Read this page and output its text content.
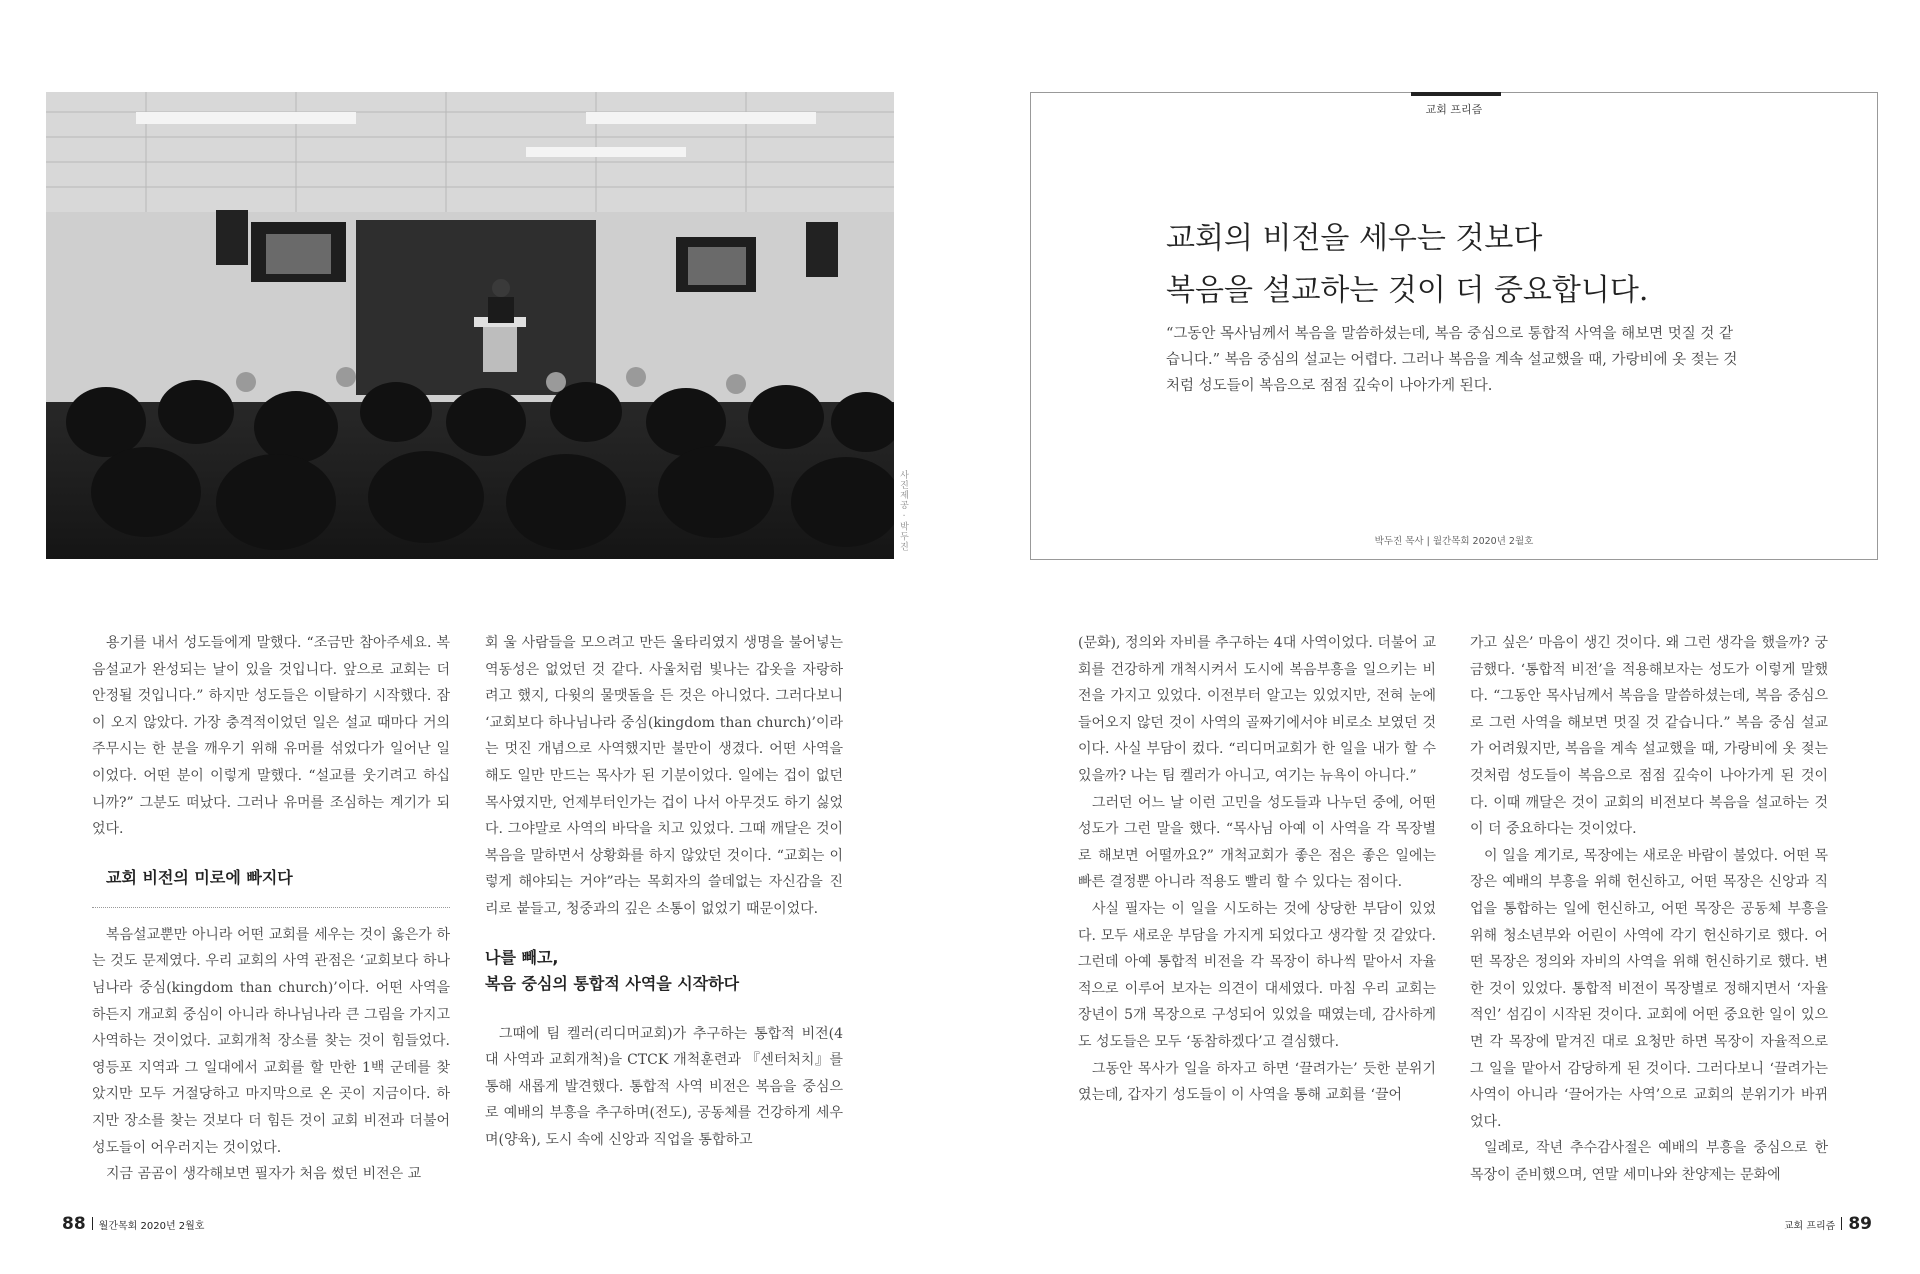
사진제공 · 박두진
교회 프리즘
교회의 비전을 세우는 것보다
복음을 설교하는 것이 더 중요합니다.
“그동안 목사님께서 복음을 말씀하셨는데, 복음 중심으로 통합적 사역을 해보면 멋질 것 같습니다.” 복음 중심의 설교는 어렵다. 그러나 복음을 계속 설교했을 때, 가랑비에 옷 젖는 것처럼 성도들이 복음으로 점점 깊숙이 나아가게 된다.
박두진 목사 | 월간목회 2020년 2월호

용기를 내서 성도들에게 말했다. “조금만 참아주세요. 복음설교가 완성되는 날이 있을 것입니다. 앞으로 교회는 더 안정될 것입니다.” 하지만 성도들은 이탈하기 시작했다. 잠이 오지 않았다. 가장 충격적이었던 일은 설교 때마다 거의 주무시는 한 분을 깨우기 위해 유머를 섞었다가 일어난 일이었다. 어떤 분이 이렇게 말했다. “설교를 웃기려고 하십니까?” 그분도 떠났다. 그러나 유머를 조심하는 계기가 되었다.

교회 비전의 미로에 빠지다

복음설교뿐만 아니라 어떤 교회를 세우는 것이 옳은가 하는 것도 문제였다. 우리 교회의 사역 관점은 ‘교회보다 하나님나라 중심(kingdom than church)’이다. 어떤 사역을 하든지 개교회 중심이 아니라 하나님나라 큰 그림을 가지고 사역하는 것이었다. 교회개척 장소를 찾는 것이 힘들었다. 영등포 지역과 그 일대에서 교회를 할 만한 1백 군데를 찾았지만 모두 거절당하고 마지막으로 온 곳이 지금이다. 하지만 장소를 찾는 것보다 더 힘든 것이 교회 비전과 더불어 성도들이 어우러지는 것이었다.

지금 곰곰이 생각해보면 필자가 처음 썼던 비전은 교

회 울 사람들을 모으려고 만든 울타리였지 생명을 불어넣는 역동성은 없었던 것 같다. 사울처럼 빛나는 갑옷을 자랑하려고 했지, 다윗의 물맷돌을 든 것은 아니었다. 그러다보니 ‘교회보다 하나님나라 중심(kingdom than church)’이라는 멋진 개념으로 사역했지만 불만이 생겼다. 어떤 사역을 해도 일만 만드는 목사가 된 기분이었다. 일에는 겁이 없던 목사였지만, 언제부터인가는 겁이 나서 아무것도 하기 싫었다. 그야말로 사역의 바닥을 치고 있었다. 그때 깨달은 것이 복음을 말하면서 상황화를 하지 않았던 것이다. “교회는 이렇게 해야되는 거야”라는 목회자의 쓸데없는 자신감을 진리로 붙들고, 청중과의 깊은 소통이 없었기 때문이었다.

나를 빼고,
복음 중심의 통합적 사역을 시작하다

그때에 팀 켈러(리디머교회)가 추구하는 통합적 비전(4대 사역과 교회개척)을 CTCK 개척훈련과 『센터처치』를 통해 새롭게 발견했다. 통합적 사역 비전은 복음을 중심으로 예배의 부흥을 추구하며(전도), 공동체를 건강하게 세우며(양육), 도시 속에 신앙과 직업을 통합하고

(문화), 정의와 자비를 추구하는 4대 사역이었다. 더불어 교회를 건강하게 개척시켜서 도시에 복음부흥을 일으키는 비전을 가지고 있었다. 이전부터 알고는 있었지만, 전혀 눈에 들어오지 않던 것이 사역의 골짜기에서야 비로소 보였던 것이다. 사실 부담이 컸다. “리디머교회가 한 일을 내가 할 수 있을까? 나는 팀 켈러가 아니고, 여기는 뉴욕이 아니다.”

그러던 어느 날 이런 고민을 성도들과 나누던 중에, 어떤 성도가 그런 말을 했다. “목사님 아예 이 사역을 각 목장별로 해보면 어떨까요?” 개척교회가 좋은 점은 좋은 일에는 빠른 결정뿐 아니라 적용도 빨리 할 수 있다는 점이다.

사실 필자는 이 일을 시도하는 것에 상당한 부담이 있었다. 모두 새로운 부담을 가지게 되었다고 생각할 것 같았다. 그런데 아예 통합적 비전을 각 목장이 하나씩 맡아서 자율적으로 이루어 보자는 의견이 대세였다. 마침 우리 교회는 장년이 5개 목장으로 구성되어 있었을 때였는데, 감사하게도 성도들은 모두 ‘동참하겠다’고 결심했다.

그동안 목사가 일을 하자고 하면 ‘끌려가는’ 듯한 분위기였는데, 갑자기 성도들이 이 사역을 통해 교회를 ‘끌어

가고 싶은’ 마음이 생긴 것이다. 왜 그런 생각을 했을까? 궁금했다. ‘통합적 비전’을 적용해보자는 성도가 이렇게 말했다. “그동안 목사님께서 복음을 말씀하셨는데, 복음 중심으로 그런 사역을 해보면 멋질 것 같습니다.” 복음 중심 설교가 어려웠지만, 복음을 계속 설교했을 때, 가랑비에 옷 젖는 것처럼 성도들이 복음으로 점점 깊숙이 나아가게 된 것이다. 이때 깨달은 것이 교회의 비전보다 복음을 설교하는 것이 더 중요하다는 것이었다.

이 일을 계기로, 목장에는 새로운 바람이 불었다. 어떤 목장은 예배의 부흥을 위해 헌신하고, 어떤 목장은 신앙과 직업을 통합하는 일에 헌신하고, 어떤 목장은 공동체 부흥을 위해 청소년부와 어린이 사역에 각기 헌신하기로 했다. 어떤 목장은 정의와 자비의 사역을 위해 헌신하기로 했다. 변한 것이 있었다. 통합적 비전이 목장별로 정해지면서 ‘자율적인’ 섬김이 시작된 것이다. 교회에 어떤 중요한 일이 있으면 각 목장에 맡겨진 대로 요청만 하면 목장이 자율적으로 그 일을 맡아서 감당하게 된 것이다. 그러다보니 ‘끌려가는 사역이 아니라 ‘끌어가는 사역’으로 교회의 분위기가 바뀌었다.

일례로, 작년 추수감사절은 예배의 부흥을 중심으로 한 목장이 준비했으며, 연말 세미나와 찬양제는 문화에

88 월간목회 2020년 2월호	교회 프리즘 89
